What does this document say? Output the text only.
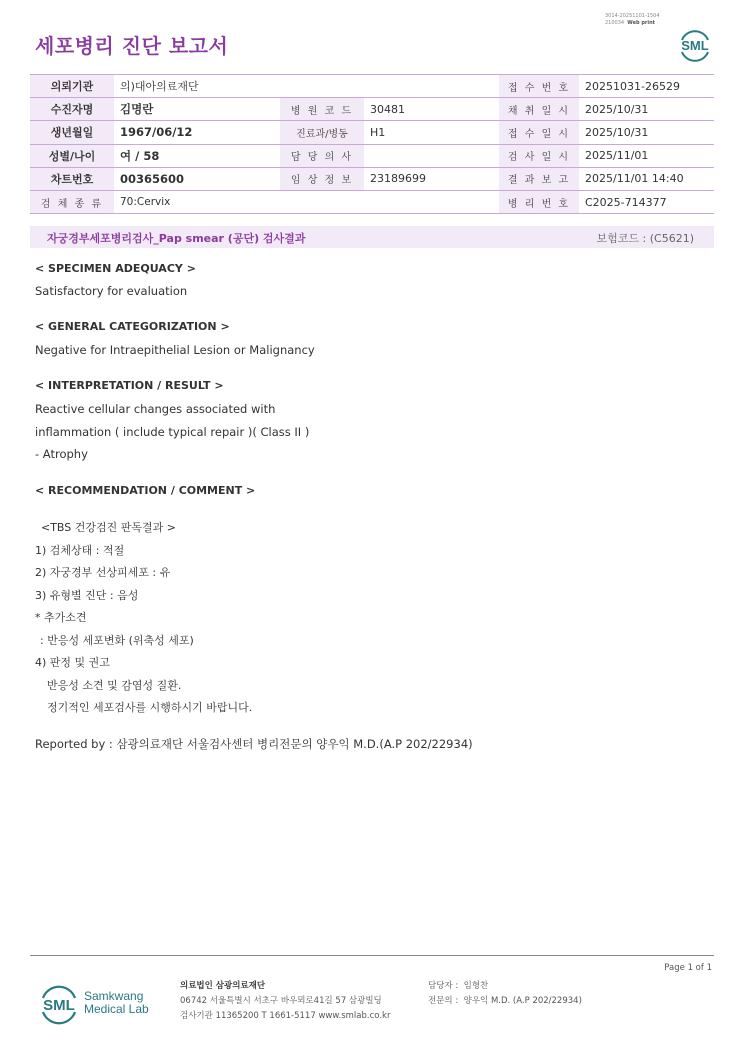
3014-20251101-1504
210034 Web print
세포병리 진단 보고서	SML
의뢰기관	의)대아의료재단			접 수 번 호	20251031-26529
수진자명	김명란	병 원 코 드	30481	채 취 일 시	2025/10/31
생년월일	1967/06/12	진료과/병동	H1	접 수 일 시	2025/10/31
성별/나이	여 / 58	담 당 의 사		검 사 일 시	2025/11/01
차트번호	00365600	임 상 정 보	23189699	결 과 보 고	2025/11/01 14:40
검 체 종 류	70:Cervix			병 리 번 호	C2025-714377
자궁경부세포병리검사_Pap smear (공단) 검사결과	보험코드 : (C5621)
< SPECIMEN ADEQUACY >
Satisfactory for evaluation
< GENERAL CATEGORIZATION >
Negative for Intraepithelial Lesion or Malignancy
< INTERPRETATION / RESULT >
Reactive cellular changes associated with
inflammation ( include typical repair )( Class II )
- Atrophy
< RECOMMENDATION / COMMENT >
<TBS 건강검진 판독결과 >
1) 검체상태 : 적절
2) 자궁경부 선상피세포 : 유
3) 유형별 진단 : 음성
* 추가소견
: 반응성 세포변화 (위축성 세포)
4) 판정 및 권고
반응성 소견 및 감염성 질환.
정기적인 세포검사를 시행하시기 바랍니다.
Reported by : 삼광의료재단 서울검사센터 병리전문의 양우익 M.D.(A.P 202/22934)
Page 1 of 1
SML
Samkwang
Medical Lab
의료법인 삼광의료재단
06742 서울특별시 서초구 바우뫼로41길 57 삼광빌딩
검사기관 11365200 T 1661-5117 www.smlab.co.kr
담당자 : 임형찬
전문의 : 양우익 M.D. (A.P 202/22934)
